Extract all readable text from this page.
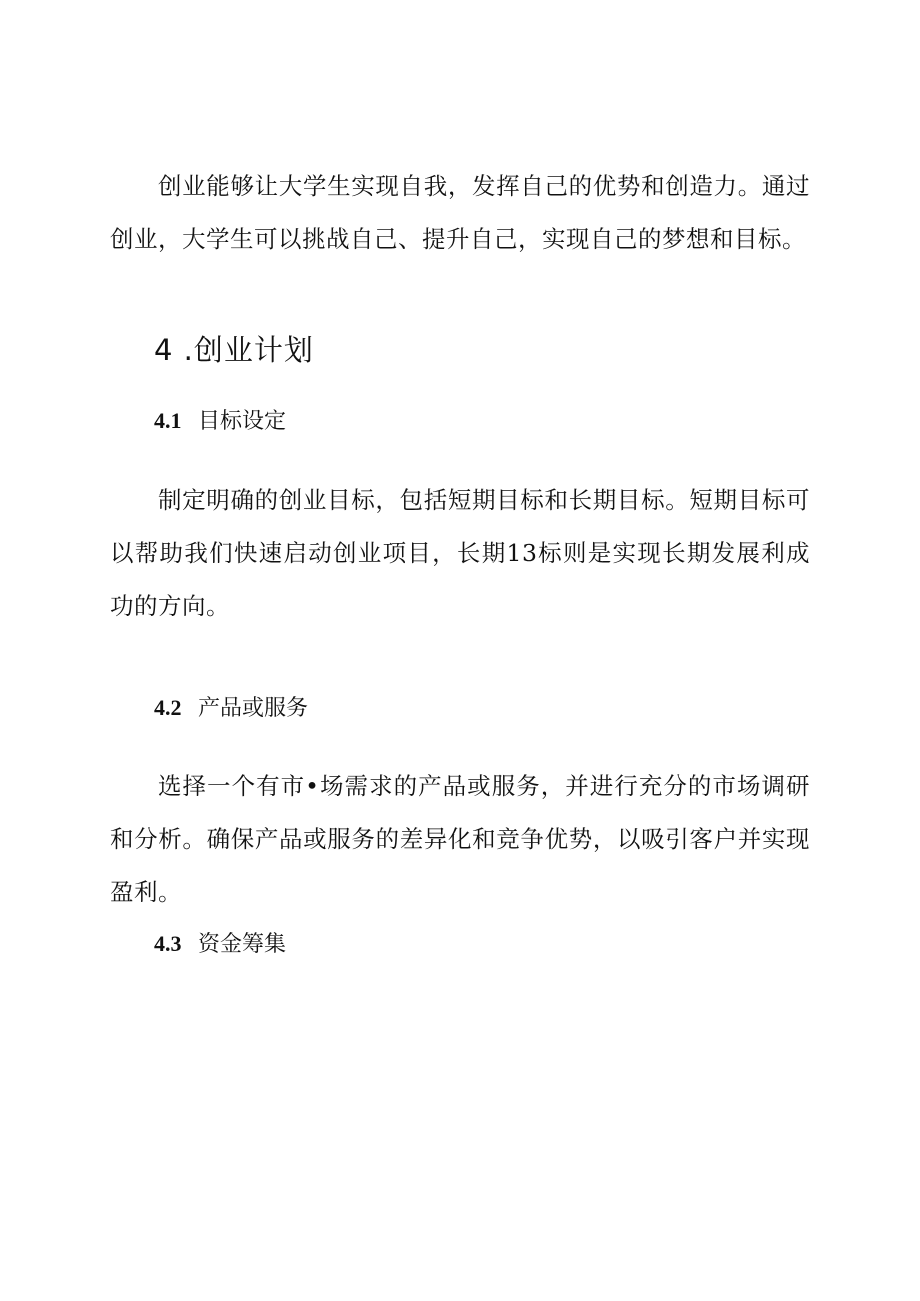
创业能够让大学生实现自我，发挥自己的优势和创造力。通过创业，大学生可以挑战自己、提升自己，实现自己的梦想和目标。

4 .创业计划
4.1 目标设定

制定明确的创业目标，包括短期目标和长期目标。短期目标可以帮助我们快速启动创业项目，长期13标则是实现长期发展利成功的方向。

4.2 产品或服务

选择一个有市•场需求的产品或服务，并进行充分的市场调研和分析。确保产品或服务的差异化和竞争优势，以吸引客户并实现盈利。

4.3 资金筹集
